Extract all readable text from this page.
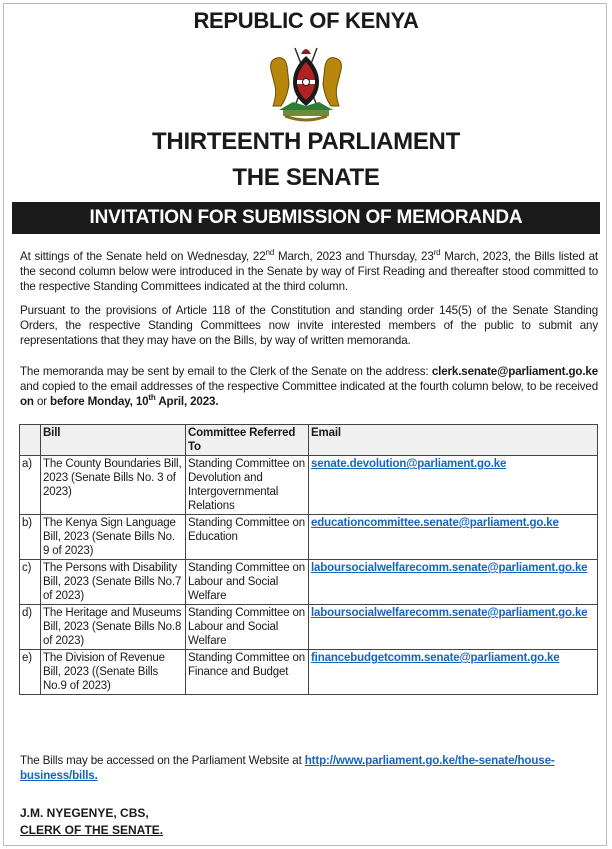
REPUBLIC OF KENYA
THIRTEENTH PARLIAMENT
THE SENATE
INVITATION FOR SUBMISSION OF MEMORANDA
At sittings of the Senate held on Wednesday, 22nd March, 2023 and Thursday, 23rd March, 2023, the Bills listed at the second column below were introduced in the Senate by way of First Reading and thereafter stood committed to the respective Standing Committees indicated at the third column.
Pursuant to the provisions of Article 118 of the Constitution and standing order 145(5) of the Senate Standing Orders, the respective Standing Committees now invite interested members of the public to submit any representations that they may have on the Bills, by way of written memoranda.
The memoranda may be sent by email to the Clerk of the Senate on the address: clerk.senate@parliament.go.ke and copied to the email addresses of the respective Committee indicated at the fourth column below, to be received on or before Monday, 10th April, 2023.
	Bill	Committee Referred To	Email
a)	The County Boundaries Bill, 2023 (Senate Bills No. 3 of 2023)	Standing Committee on Devolution and Intergovernmental Relations	senate.devolution@parliament.go.ke
b)	The Kenya Sign Language Bill, 2023 (Senate Bills No. 9 of 2023)	Standing Committee on Education	educationcommittee.senate@parliament.go.ke
c)	The Persons with Disability Bill, 2023 (Senate Bills No.7 of 2023)	Standing Committee on Labour and Social Welfare	laboursocialwelfarecomm.senate@parliament.go.ke
d)	The Heritage and Museums Bill, 2023 (Senate Bills No.8 of 2023)	Standing Committee on Labour and Social Welfare	laboursocialwelfarecomm.senate@parliament.go.ke
e)	The Division of Revenue Bill, 2023 ((Senate Bills No.9 of 2023)	Standing Committee on Finance and Budget	financebudgetcomm.senate@parliament.go.ke
The Bills may be accessed on the Parliament Website at http://www.parliament.go.ke/the-senate/house-business/bills.
J.M. NYEGENYE, CBS,
CLERK OF THE SENATE.
